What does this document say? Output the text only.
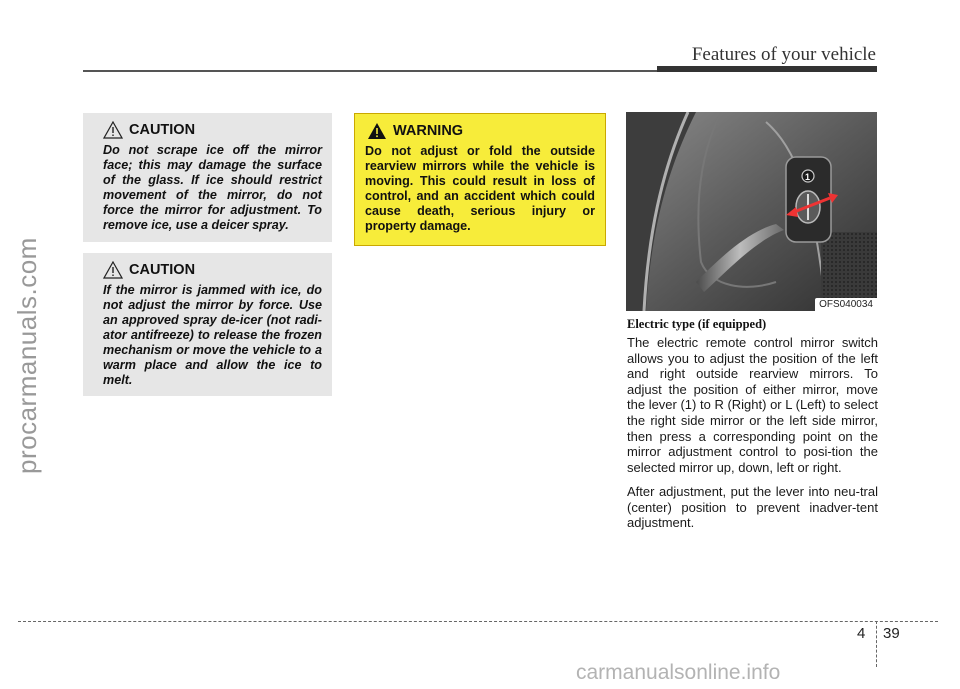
Features of your vehicle
procarmanuals.com
CAUTION
Do not scrape ice off the mirror face; this may damage the surface of the glass. If ice should restrict movement of the mirror, do not force the mirror for adjustment. To remove ice, use a deicer spray.
CAUTION
If the mirror is jammed with ice, do not adjust the mirror by force. Use an approved spray de-icer (not radi-ator antifreeze) to release the frozen mechanism or move the vehicle to a warm place and allow the ice to melt.
WARNING
Do not adjust or fold the outside rearview mirrors while the vehicle is moving. This could result in loss of control, and an accident which could cause death, serious injury or property damage.
1
OFS040034
Electric type (if equipped)
The electric remote control mirror switch allows you to adjust the position of the left and right outside rearview mirrors. To adjust the position of either mirror, move the lever (1) to R (Right) or L (Left) to select the right side mirror or the left side mirror, then press a corresponding point on the mirror adjustment control to posi-tion the selected mirror up, down, left or right.
After adjustment, put the lever into neu-tral (center) position to prevent inadver-tent adjustment.
4 39
carmanualsonline.info
